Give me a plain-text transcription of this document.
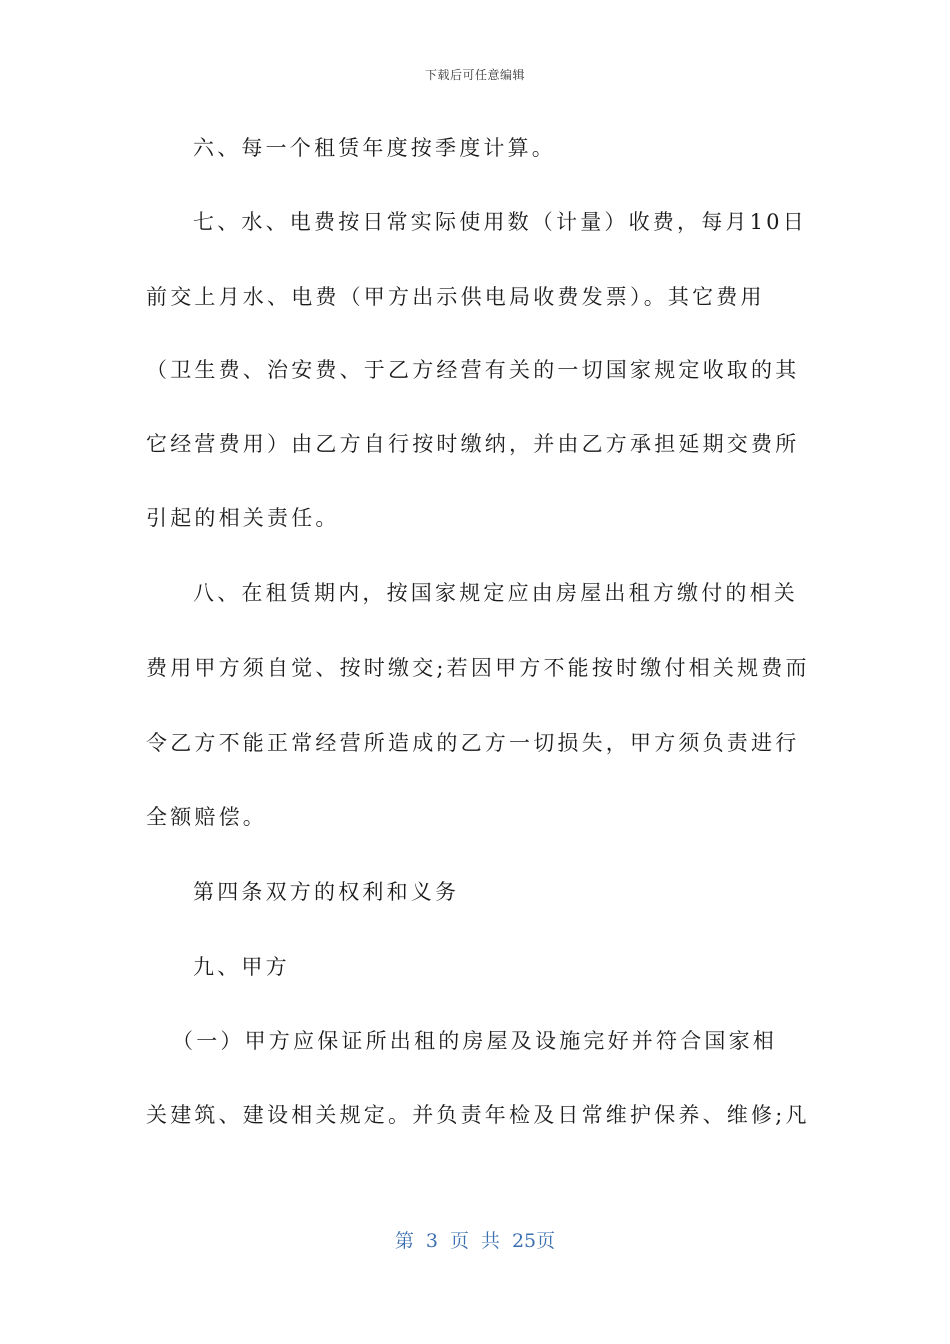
下载后可任意编辑
六、每一个租赁年度按季度计算。
七、水、电费按日常实际使用数（计量）收费，每月10日
前交上月水、电费（甲方出示供电局收费发票）。其它费用
（卫生费、治安费、于乙方经营有关的一切国家规定收取的其
它经营费用）由乙方自行按时缴纳，并由乙方承担延期交费所
引起的相关责任。
八、在租赁期内，按国家规定应由房屋出租方缴付的相关
费用甲方须自觉、按时缴交;若因甲方不能按时缴付相关规费而
令乙方不能正常经营所造成的乙方一切损失，甲方须负责进行
全额赔偿。
第四条双方的权利和义务
九、甲方
（一）甲方应保证所出租的房屋及设施完好并符合国家相
关建筑、建设相关规定。并负责年检及日常维护保养、维修;凡
第 3 页 共 25页
